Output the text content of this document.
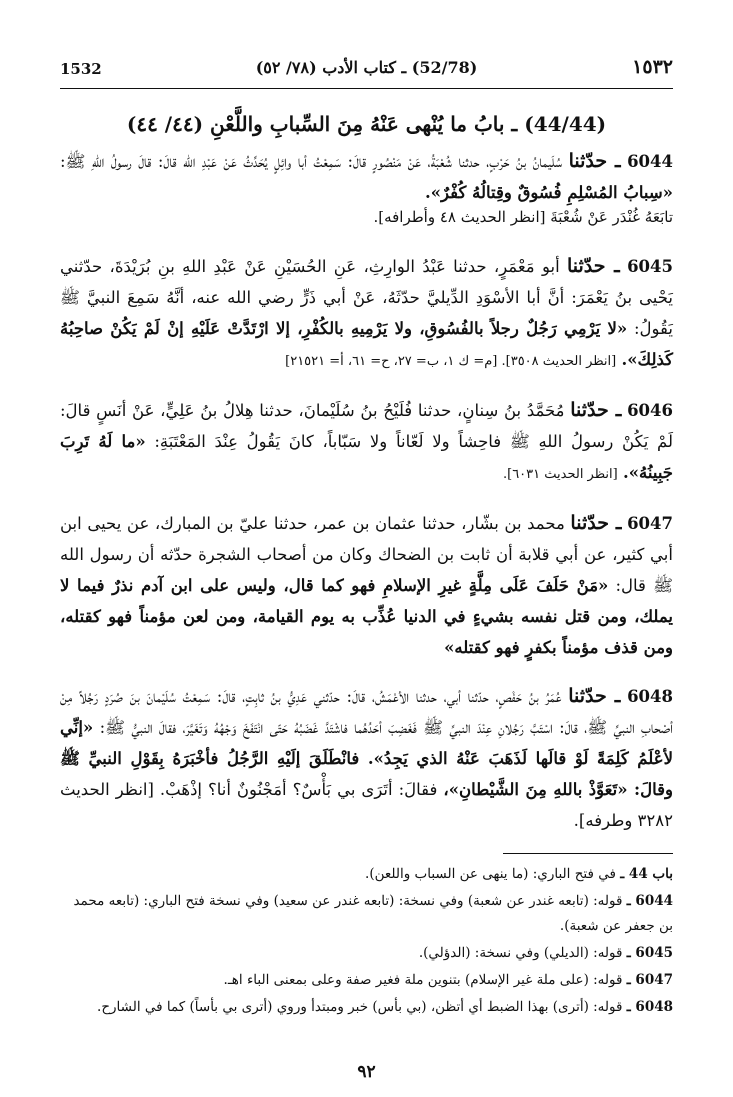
1532	(52/78) ـ كتاب الأدب (٧٨/ ٥٢)	١٥٣٢
(44/44) ـ بابُ ما يُنْهى عَنْهُ مِنَ السِّبابِ واللَّعْنِ (٤٤/ ٤٤)
6044 ـ حدّثنا سُلَيمانُ بنُ حَرْبٍ، حدثنا شُعْبَةُ، عَنْ مَنْصُورٍ قالَ: سَمِعْتُ أبا وائِلٍ يُحَدِّثُ عَنْ عَبْدِ الله قالَ: قالَ رسولُ اللهِ ﷺ: «سِبابُ المُسْلِمِ فُسُوقٌ وقِتالُهُ كُفْرٌ».
تابَعَهُ غُنْدَر عَنْ شُعْبَةَ [انظر الحديث ٤٨ وأطرافه].
6045 ـ حدّثنا أبو مَعْمَرٍ، حدثنا عَبْدُ الوارِثِ، عَنِ الحُسَيْنِ عَنْ عَبْدِ اللهِ بنِ بُرَيْدَةَ، حدّثني يَحْيى بنُ يَعْمَرَ: أنَّ أبا الأسْوَدِ الدِّيليَّ حدّثَهُ، عَنْ أبي ذَرٍّ رضي الله عنه، أنَّهُ سَمِعَ النبيَّ ﷺ يَقُولُ: «لا يَرْمِي رَجُلٌ رجلاً بالفُسُوقِ، ولا يَرْمِيهِ بالكُفْرِ، إلا ارْتَدَّتْ عَلَيْهِ إنْ لَمْ يَكُنْ صاحِبُهُ كَذلِكَ». [انظر الحديث ٣٥٠٨]. [م= ك ١، ب= ٢٧، ح= ٦١، أ= ٢١٥٢١]
6046 ـ حدّثنا مُحَمَّدُ بنُ سِنانٍ، حدثنا فُلَيْحُ بنُ سُلَيْمانَ، حدثنا هِلالُ بنُ عَلِيٍّ، عَنْ أنَسٍ قالَ: لَمْ يَكُنْ رسولُ اللهِ ﷺ فاحِشاً ولا لَعّاناً ولا سَبّاباً، كانَ يَقُولُ عِنْدَ المَعْتَبَةِ: «ما لَهُ تَرِبَ جَبِينُهُ». [انظر الحديث ٦٠٣١].
6047 ـ حدّثنا محمد بن بشّار، حدثنا عثمان بن عمر، حدثنا عليّ بن المبارك، عن يحيى ابن أبي كثير، عن أبي قلابة أن ثابت بن الضحاك وكان من أصحاب الشجرة حدّثه أن رسول الله ﷺ قال: «مَنْ حَلَفَ عَلَى مِلَّةٍ غيرِ الإسلامِ فهو كما قال، وليس على ابن آدم نذرٌ فيما لا يملك، ومن قتل نفسه بشيءٍ في الدنيا عُذِّب به يوم القيامة، ومن لعن مؤمناً فهو كقتله، ومن قذف مؤمناً بكفرٍ فهو كقتله»
6048 ـ حدّثنا عُمَرُ بنُ حَفْصٍ، حدّثنا أبي، حدثنا الأعْمَشُ، قالَ: حدّثني عَدِيُّ بنُ ثابِتٍ، قالَ: سَمِعْتُ سُلَيْمانَ بنَ صُرَدٍ رَجُلاً مِنْ أصْحابِ النبيِّ ﷺ، قالَ: اسْتَبَّ رَجُلانِ عِنْدَ النبيِّ ﷺ فَغَضِبَ أحَدُهُما فاشْتَدَّ غَضَبُهُ حَتّى انْتَفَخَ وَجْهُهُ وَتَغَيَّرَ، فقالَ النبيُّ ﷺ: «إنِّي لأعْلَمُ كَلِمَةً لَوْ قالَها لَذَهَبَ عَنْهُ الذي يَجِدُ». فانْطَلَقَ إلَيْهِ الرَّجُلُ فأخْبَرَهُ بِقَوْلِ النبيِّ ﷺ وقالَ: «تَعَوَّذْ باللهِ مِنَ الشَّيْطانِ»، فقالَ: أتَرَى بي بَأْسٌ؟ أمَجْنُونٌ أنا؟ إذْهَبْ. [انظر الحديث ٣٢٨٢ وطرفه].
باب 44 ـ في فتح الباري: (ما ينهى عن السباب واللعن).
6044 ـ قوله: (تابعه غندر عن شعبة) وفي نسخة: (تابعه غندر عن سعيد) وفي نسخة فتح الباري: (تابعه محمد بن جعفر عن شعبة).
6045 ـ قوله: (الديلي) وفي نسخة: (الدؤلي).
6047 ـ قوله: (على ملة غير الإسلام) بتنوين ملة فغير صفة وعلى بمعنى الباء اهـ.
6048 ـ قوله: (أترى) بهذا الضبط أي أتظن، (بي بأس) خبر ومبتدأ وروي (أترى بي بأساً) كما في الشارح.
٩٢
